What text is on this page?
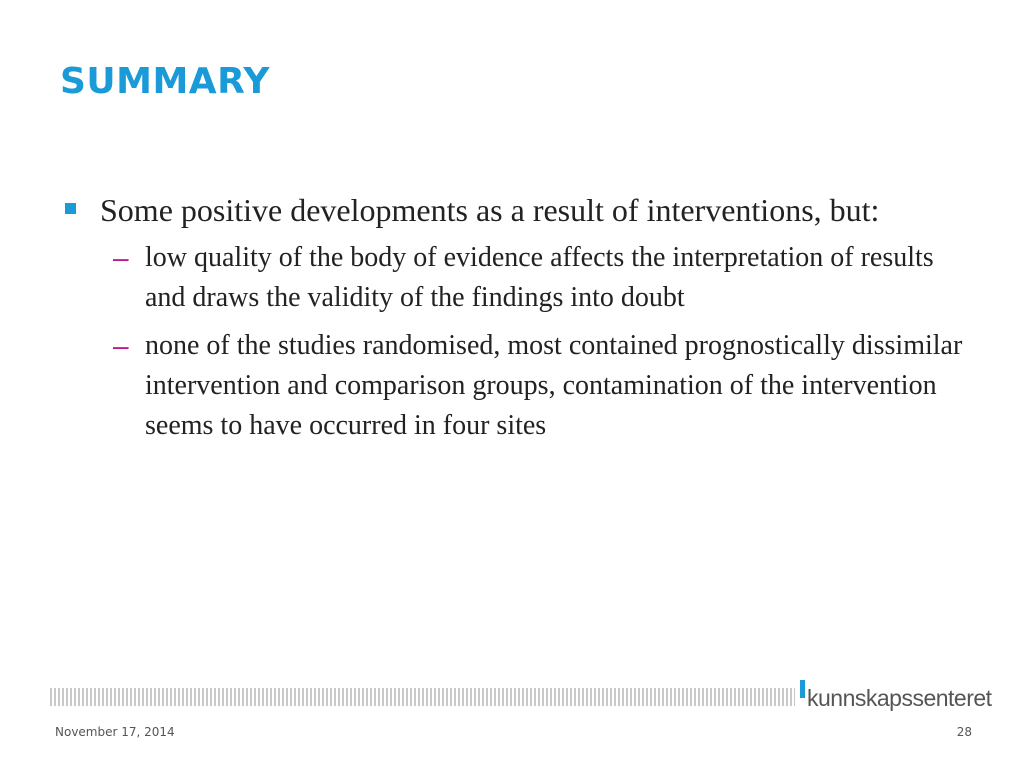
SUMMARY
Some positive developments as a result of interventions, but:
– low quality of the body of evidence affects the interpretation of results and draws the validity of the findings into doubt
– none of the studies randomised, most contained prognostically dissimilar intervention and comparison groups, contamination of the intervention seems to have occurred in four sites
kunnskapssenteret
November 17, 2014	28
